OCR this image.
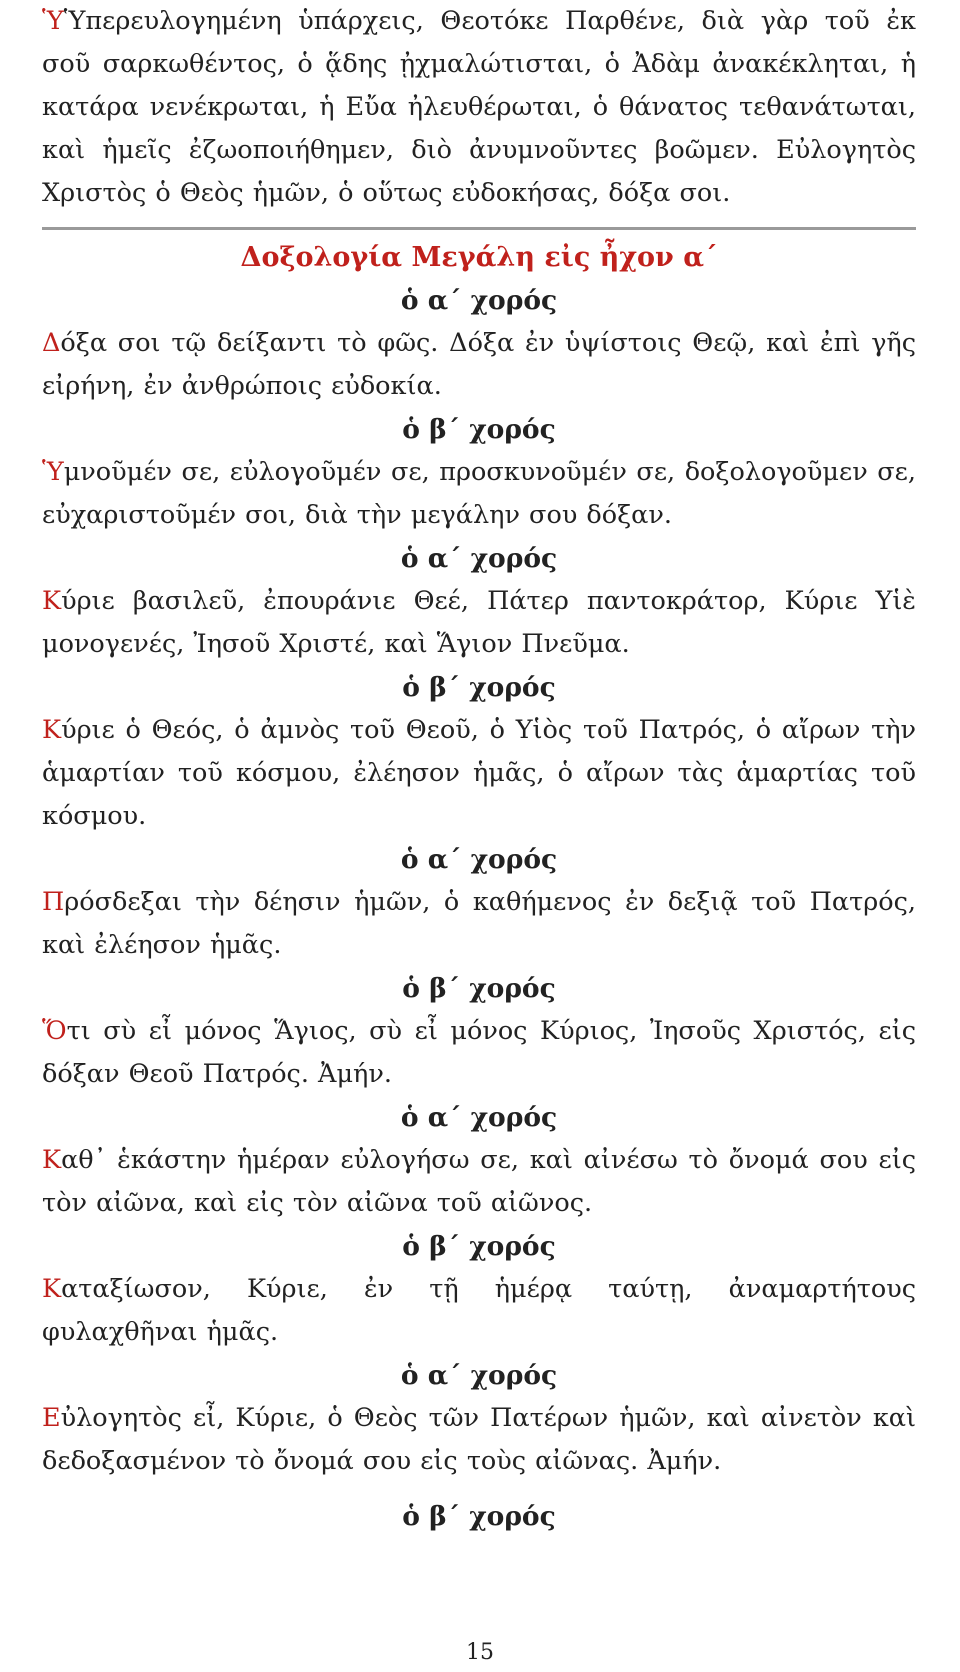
ὙὙπερευλογημένη ὑπάρχεις, Θεοτόκε Παρθένε, διὰ γὰρ τοῦ ἐκ σοῦ σαρκωθέντος, ὁ ᾅδης ᾐχμαλώτισται, ὁ Ἀδὰμ ἀνακέκληται, ἡ κατάρα νενέκρωται, ἡ Εὔα ἠλευθέρωται, ὁ θάνατος τεθανάτωται, καὶ ἡμεῖς ἐζωοποιήθημεν, διὸ ἀνυμνοῦντες βοῶμεν. Εὐλογητὸς Χριστὸς ὁ Θεὸς ἡμῶν, ὁ οὕτως εὐδοκήσας, δόξα σοι.

Δοξολογία Μεγάλη εἰς ἦχον α΄
ὁ α΄ χορός

Δόξα σοι τῷ δείξαντι τὸ φῶς. Δόξα ἐν ὑψίστοις Θεῷ, καὶ ἐπὶ γῆς εἰρήνη, ἐν ἀνθρώποις εὐδοκία.

ὁ β΄ χορός

Ὑμνοῦμέν σε, εὐλογοῦμέν σε, προσκυνοῦμέν σε, δοξολογοῦμεν σε, εὐχαριστοῦμέν σοι, διὰ τὴν μεγάλην σου δόξαν.

ὁ α΄ χορός

Κύριε βασιλεῦ, ἐπουράνιε Θεέ, Πάτερ παντοκράτορ, Κύριε Υἱὲ μονογενές, Ἰησοῦ Χριστέ, καὶ Ἅγιον Πνεῦμα.

ὁ β΄ χορός

Κύριε ὁ Θεός, ὁ ἀμνὸς τοῦ Θεοῦ, ὁ Υἱὸς τοῦ Πατρός, ὁ αἴρων τὴν ἁμαρτίαν τοῦ κόσμου, ἐλέησον ἡμᾶς, ὁ αἴρων τὰς ἁμαρτίας τοῦ κόσμου.

ὁ α΄ χορός

Πρόσδεξαι τὴν δέησιν ἡμῶν, ὁ καθήμενος ἐν δεξιᾷ τοῦ Πατρός, καὶ ἐλέησον ἡμᾶς.

ὁ β΄ χορός

Ὅτι σὺ εἶ μόνος Ἅγιος, σὺ εἶ μόνος Κύριος, Ἰησοῦς Χριστός, εἰς δόξαν Θεοῦ Πατρός. Ἀμήν.

ὁ α΄ χορός

Καθ᾽ ἑκάστην ἡμέραν εὐλογήσω σε, καὶ αἰνέσω τὸ ὄνομά σου εἰς τὸν αἰῶνα, καὶ εἰς τὸν αἰῶνα τοῦ αἰῶνος.

ὁ β΄ χορός

Καταξίωσον, Κύριε, ἐν τῇ ἡμέρᾳ ταύτῃ, ἀναμαρτήτους φυλαχθῆναι ἡμᾶς.

ὁ α΄ χορός

Εὐλογητὸς εἶ, Κύριε, ὁ Θεὸς τῶν Πατέρων ἡμῶν, καὶ αἰνετὸν καὶ δεδοξασμένον τὸ ὄνομά σου εἰς τοὺς αἰῶνας. Ἀμήν.

ὁ β΄ χορός
15
